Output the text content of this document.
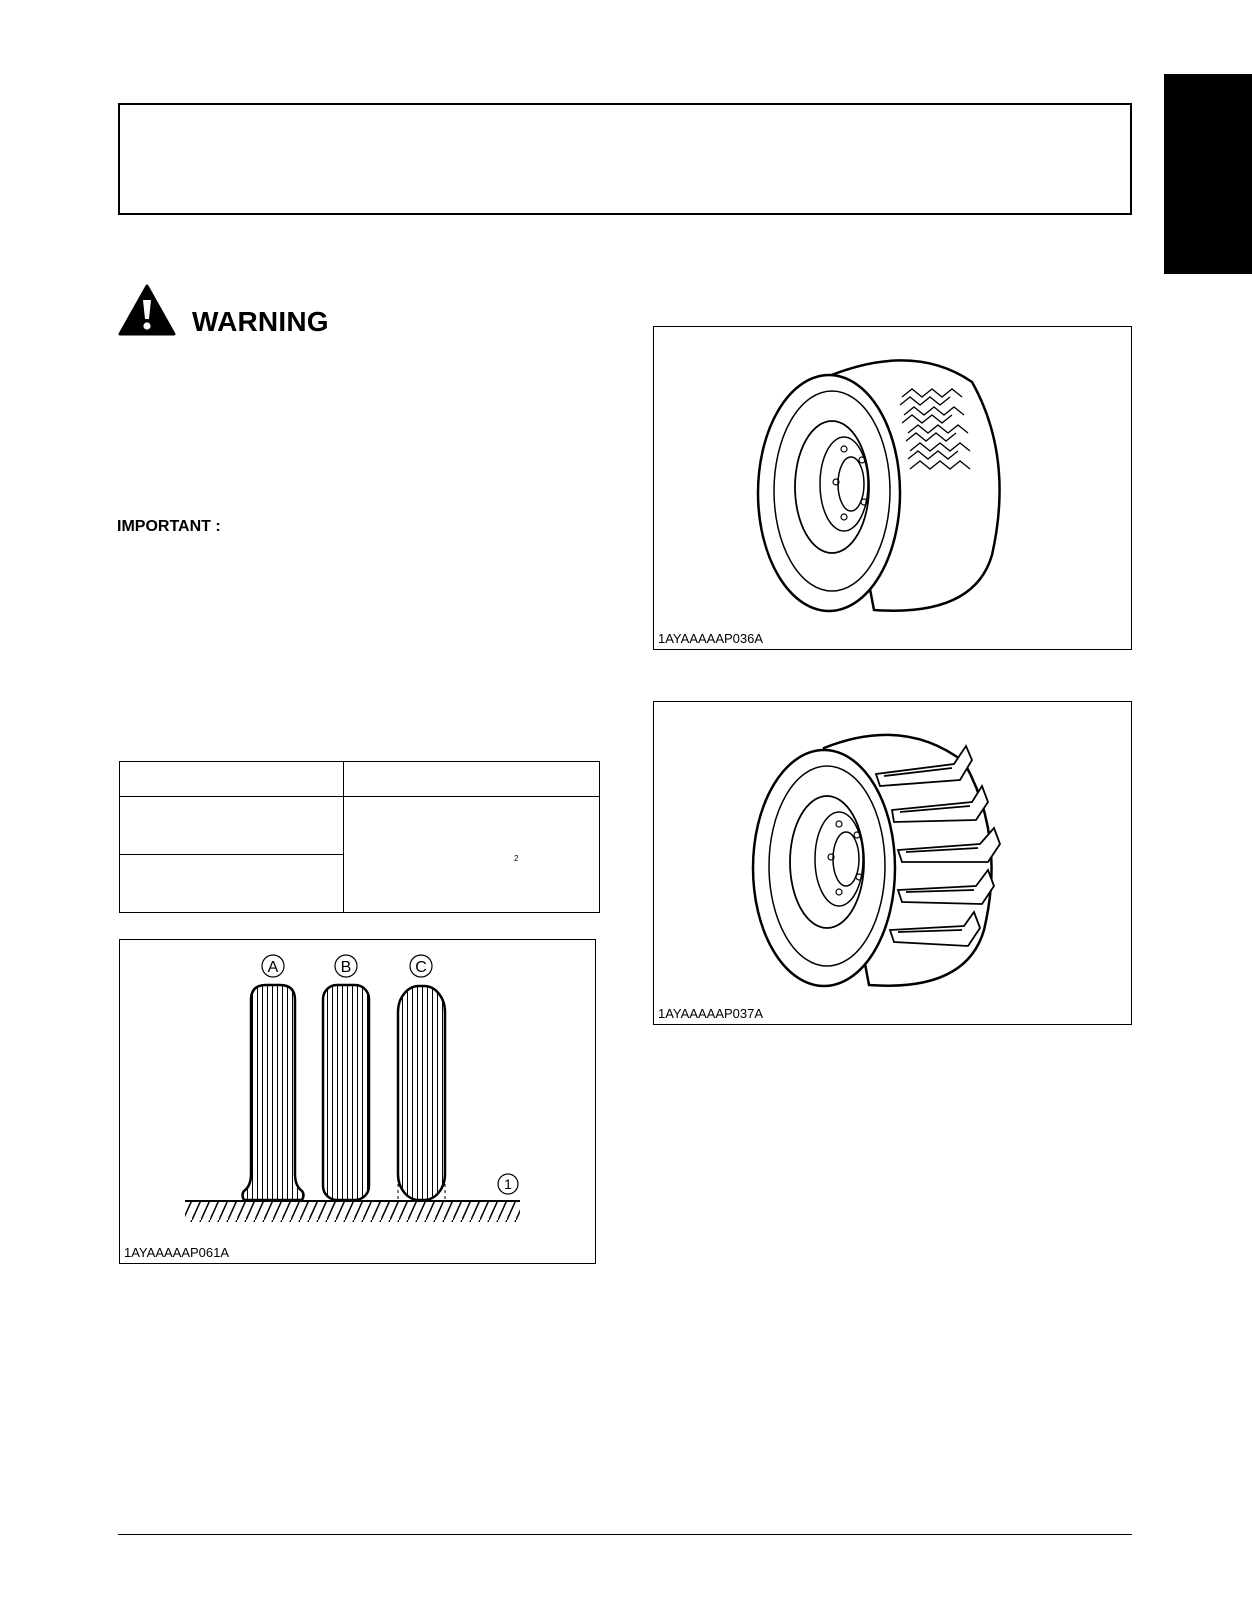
WARNING
IMPORTANT :
2
A	B	C
1
1AYAAAAAP061A
1AYAAAAAP036A
1AYAAAAAP037A
